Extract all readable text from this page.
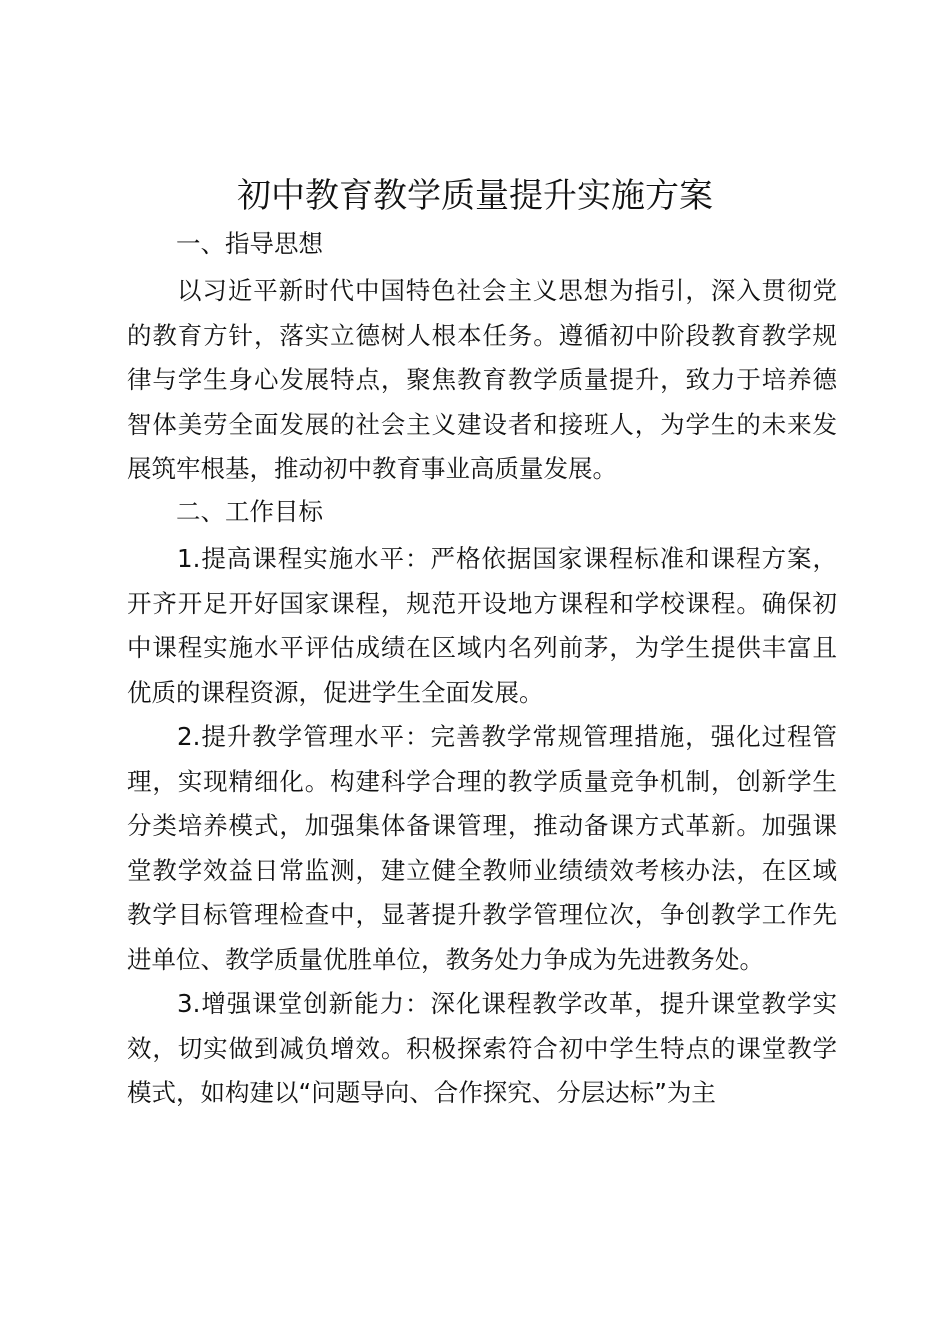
初中教育教学质量提升实施方案
一、指导思想

以习近平新时代中国特色社会主义思想为指引，深入贯彻党的教育方针，落实立德树人根本任务。遵循初中阶段教育教学规律与学生身心发展特点，聚焦教育教学质量提升，致力于培养德智体美劳全面发展的社会主义建设者和接班人，为学生的未来发展筑牢根基，推动初中教育事业高质量发展。

二、工作目标

1.提高课程实施水平：严格依据国家课程标准和课程方案，开齐开足开好国家课程，规范开设地方课程和学校课程。确保初中课程实施水平评估成绩在区域内名列前茅，为学生提供丰富且优质的课程资源，促进学生全面发展。

2.提升教学管理水平：完善教学常规管理措施，强化过程管理，实现精细化。构建科学合理的教学质量竞争机制，创新学生分类培养模式，加强集体备课管理，推动备课方式革新。加强课堂教学效益日常监测，建立健全教师业绩绩效考核办法，在区域教学目标管理检查中，显著提升教学管理位次，争创教学工作先进单位、教学质量优胜单位，教务处力争成为先进教务处。

3.增强课堂创新能力：深化课程教学改革，提升课堂教学实效，切实做到减负增效。积极探索符合初中学生特点的课堂教学模式，如构建以“问题导向、合作探究、分层达标”为主
